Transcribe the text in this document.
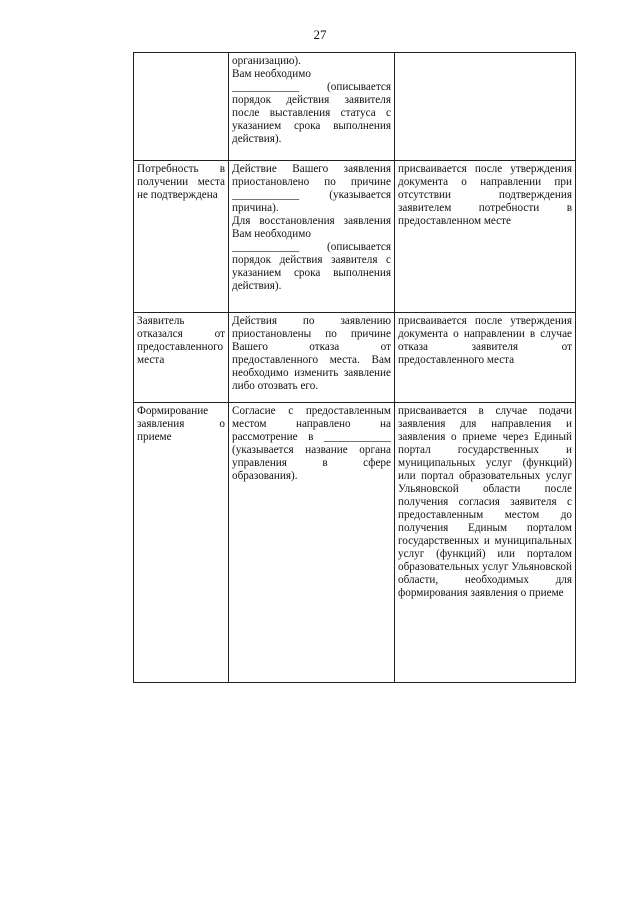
27

	организацию).
Вам необходимо
____________ (описывается порядок действия заявителя после выставления статуса с указанием срока выполнения действия).	

Потребность в получении места не подтверждена	Действие Вашего заявления приостановлено по причине ____________ (указывается причина).
Для восстановления заявления Вам необходимо
____________ (описывается порядок действия заявителя с указанием срока выполнения действия).	присваивается после утверждения документа о направлении при отсутствии подтверждения заявителем потребности в предоставленном месте

Заявитель отказался от предоставленного места	Действия по заявлению приостановлены по причине Вашего отказа от предоставленного места. Вам необходимо изменить заявление либо отозвать его.	присваивается после утверждения документа о направлении в случае отказа заявителя от предоставленного места

Формирование заявления о приеме	Согласие с предоставленным местом направлено на рассмотрение в ____________ (указывается название органа управления в сфере образования).	присваивается в случае подачи заявления для направления и заявления о приеме через Единый портал государственных и муниципальных услуг (функций) или портал образовательных услуг Ульяновской области после получения согласия заявителя с предоставленным местом до получения Единым порталом государственных и муниципальных услуг (функций) или порталом образовательных услуг Ульяновской области, необходимых для формирования заявления о приеме
